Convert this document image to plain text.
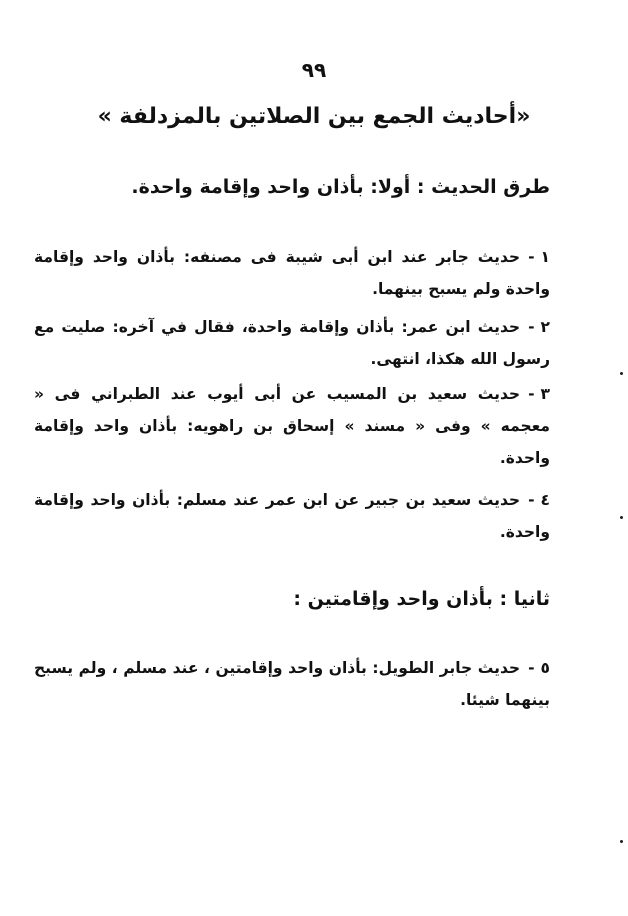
٩٩
«أحاديث الجمع بين الصلاتين بالمزدلفة »
طرق الحديث : أولا: بأذان واحد وإقامة واحدة.
١-حديث جابر عند ابن أبى شيبة فى مصنفه: بأذان واحد وإقامة واحدة ولم يسبح بينهما.
٢-حديث ابن عمر: بأذان وإقامة واحدة، فقال في آخره: صليت مع رسول الله هكذا، انتهى.
٣-حديث سعيد بن المسيب عن أبى أيوب عند الطبراني فى « معجمه » وفى « مسند » إسحاق بن راهويه: بأذان واحد وإقامة واحدة.
٤-حديث سعيد بن جبير عن ابن عمر عند مسلم: بأذان واحد وإقامة واحدة.
ثانيا : بأذان واحد وإقامتين :
٥-حديث جابر الطويل: بأذان واحد وإقامتين ، عند مسلم ، ولم يسبح بينهما شيئا.
